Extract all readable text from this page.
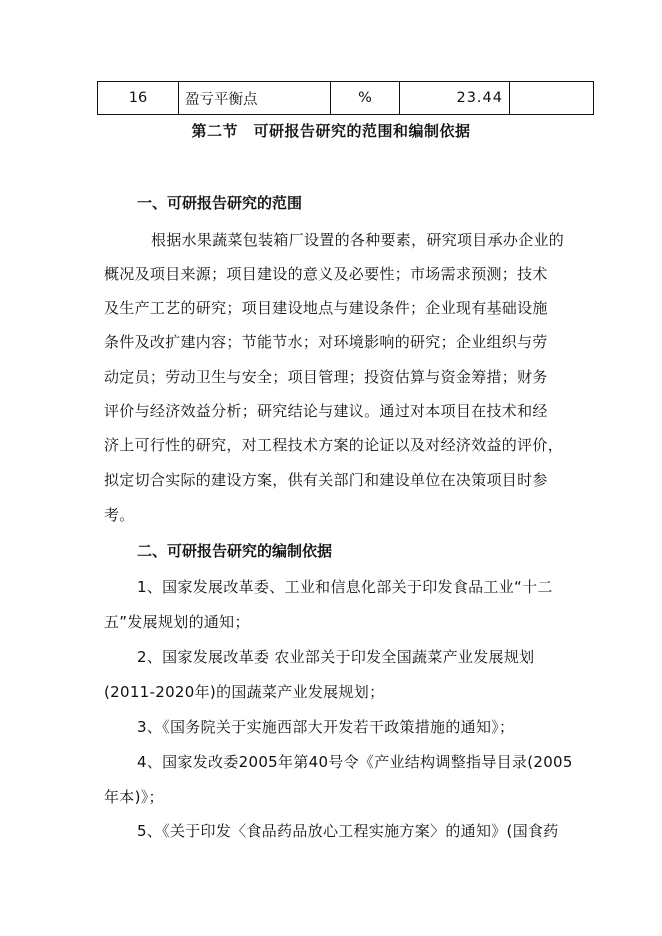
16	盈亏平衡点	%	23.44	
第二节　可研报告研究的范围和编制依据
一、可研报告研究的范围
根据水果蔬菜包装箱厂设置的各种要素，研究项目承办企业的
概况及项目来源；项目建设的意义及必要性；市场需求预测；技术
及生产工艺的研究；项目建设地点与建设条件；企业现有基础设施
条件及改扩建内容；节能节水；对环境影响的研究；企业组织与劳
动定员；劳动卫生与安全；项目管理；投资估算与资金筹措；财务
评价与经济效益分析；研究结论与建议。通过对本项目在技术和经
济上可行性的研究，对工程技术方案的论证以及对经济效益的评价，
拟定切合实际的建设方案，供有关部门和建设单位在决策项目时参
考。
二、可研报告研究的编制依据
1、国家发展改革委、工业和信息化部关于印发食品工业“十二
五”发展规划的通知；
2、国家发展改革委 农业部关于印发全国蔬菜产业发展规划
(2011-2020年)的国蔬菜产业发展规划；
3、《国务院关于实施西部大开发若干政策措施的通知》；
4、国家发改委2005年第40号令《产业结构调整指导目录(2005
年本)》；
5、《关于印发〈食品药品放心工程实施方案〉的通知》(国食药
